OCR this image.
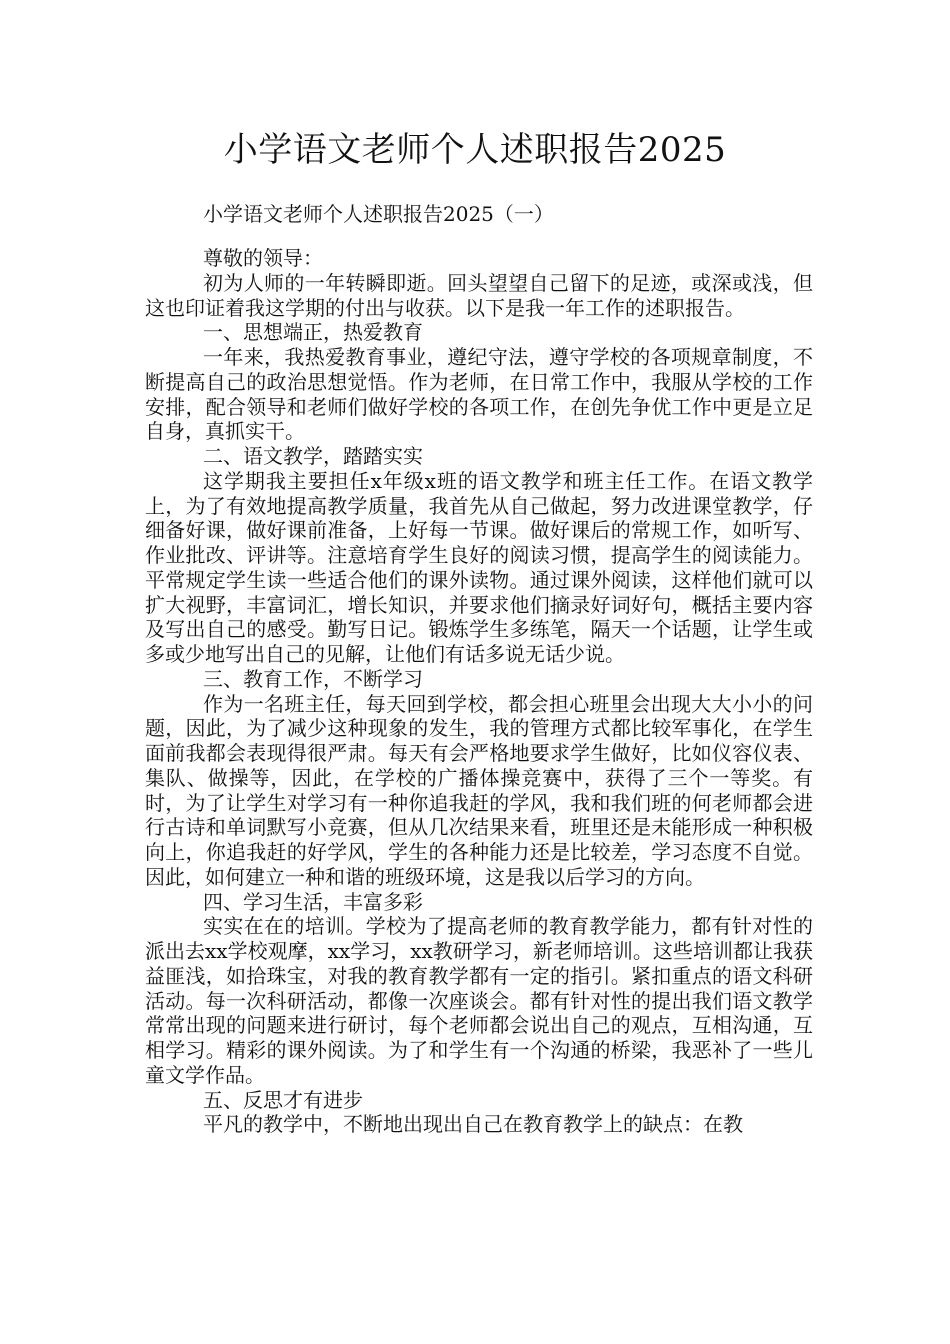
小学语文老师个人述职报告2025
小学语文老师个人述职报告2025（一）

尊敬的领导：

初为人师的一年转瞬即逝。回头望望自己留下的足迹，或深或浅，但这也印证着我这学期的付出与收获。以下是我一年工作的述职报告。

一、思想端正，热爱教育

一年来，我热爱教育事业，遵纪守法，遵守学校的各项规章制度，不断提高自己的政治思想觉悟。作为老师，在日常工作中，我服从学校的工作安排，配合领导和老师们做好学校的各项工作，在创先争优工作中更是立足自身，真抓实干。

二、语文教学，踏踏实实

这学期我主要担任x年级x班的语文教学和班主任工作。在语文教学上，为了有效地提高教学质量，我首先从自己做起，努力改进课堂教学，仔细备好课，做好课前准备，上好每一节课。做好课后的常规工作，如听写、作业批改、评讲等。注意培育学生良好的阅读习惯，提高学生的阅读能力。平常规定学生读一些适合他们的课外读物。通过课外阅读，这样他们就可以扩大视野，丰富词汇，增长知识，并要求他们摘录好词好句，概括主要内容及写出自己的感受。勤写日记。锻炼学生多练笔，隔天一个话题，让学生或多或少地写出自己的见解，让他们有话多说无话少说。

三、教育工作，不断学习

作为一名班主任，每天回到学校，都会担心班里会出现大大小小的问题，因此，为了减少这种现象的发生，我的管理方式都比较军事化，在学生面前我都会表现得很严肃。每天有会严格地要求学生做好，比如仪容仪表、集队、做操等，因此，在学校的广播体操竞赛中，获得了三个一等奖。有时，为了让学生对学习有一种你追我赶的学风，我和我们班的何老师都会进行古诗和单词默写小竞赛，但从几次结果来看，班里还是未能形成一种积极向上，你追我赶的好学风，学生的各种能力还是比较差，学习态度不自觉。因此，如何建立一种和谐的班级环境，这是我以后学习的方向。

四、学习生活，丰富多彩

实实在在的培训。学校为了提高老师的教育教学能力，都有针对性的派出去xx学校观摩，xx学习，xx教研学习，新老师培训。这些培训都让我获益匪浅，如拾珠宝，对我的教育教学都有一定的指引。紧扣重点的语文科研活动。每一次科研活动，都像一次座谈会。都有针对性的提出我们语文教学常常出现的问题来进行研讨，每个老师都会说出自己的观点，互相沟通，互相学习。精彩的课外阅读。为了和学生有一个沟通的桥梁，我恶补了一些儿童文学作品。

五、反思才有进步

平凡的教学中，不断地出现出自己在教育教学上的缺点：在教
